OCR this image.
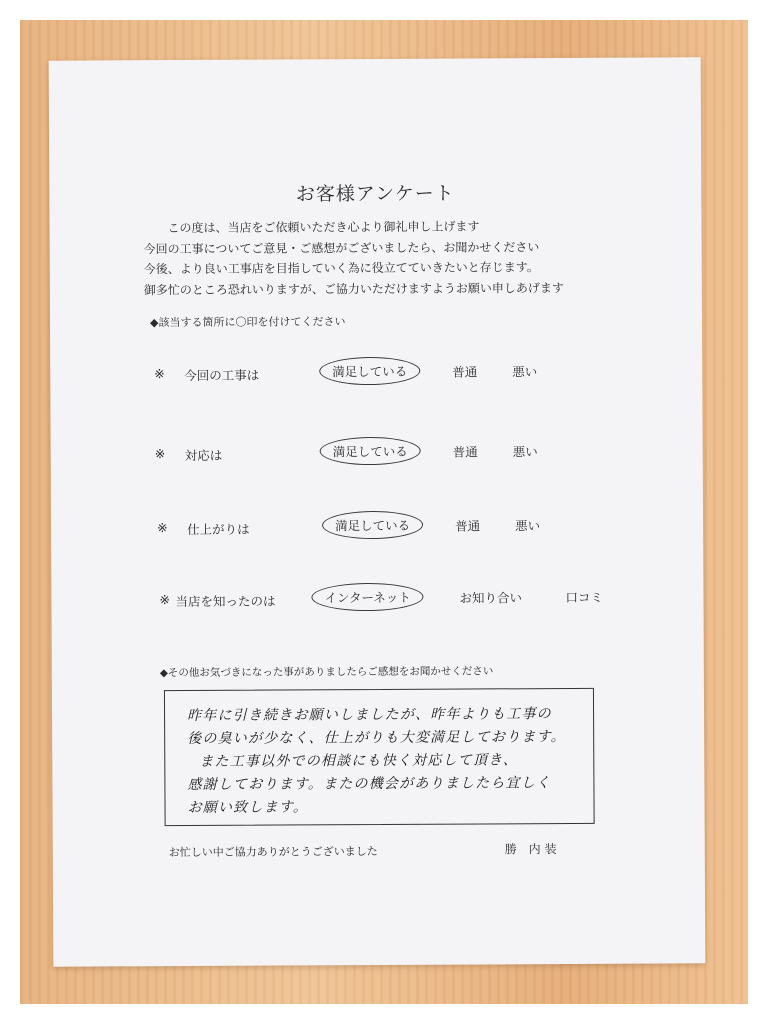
お客様アンケート
この度は、当店をご依頼いただき心より御礼申し上げます
今回の工事についてご意見・ご感想がございましたら、お聞かせください
今後、より良い工事店を目指していく為に役立てていきたいと存じます。
御多忙のところ恐れいりますが、ご協力いただけますようお願い申しあげます
◆該当する箇所に〇印を付けてください
※ 今回の工事は	満足している	普通	悪い
※ 対応は	満足している	普通	悪い
※ 仕上がりは	満足している	普通	悪い
※ 当店を知ったのは	インターネット	お知り合い	口コミ
◆その他お気づきになった事がありましたらご感想をお聞かせください
昨年に引き続きお願いしましたが、昨年よりも工事の
後の臭いが少なく、仕上がりも大変満足しております。
また工事以外での相談にも快く対応して頂き、
感謝しております。またの機会がありましたら宜しく
お願い致します。
お忙しい中ご協力ありがとうございました	勝 内装
